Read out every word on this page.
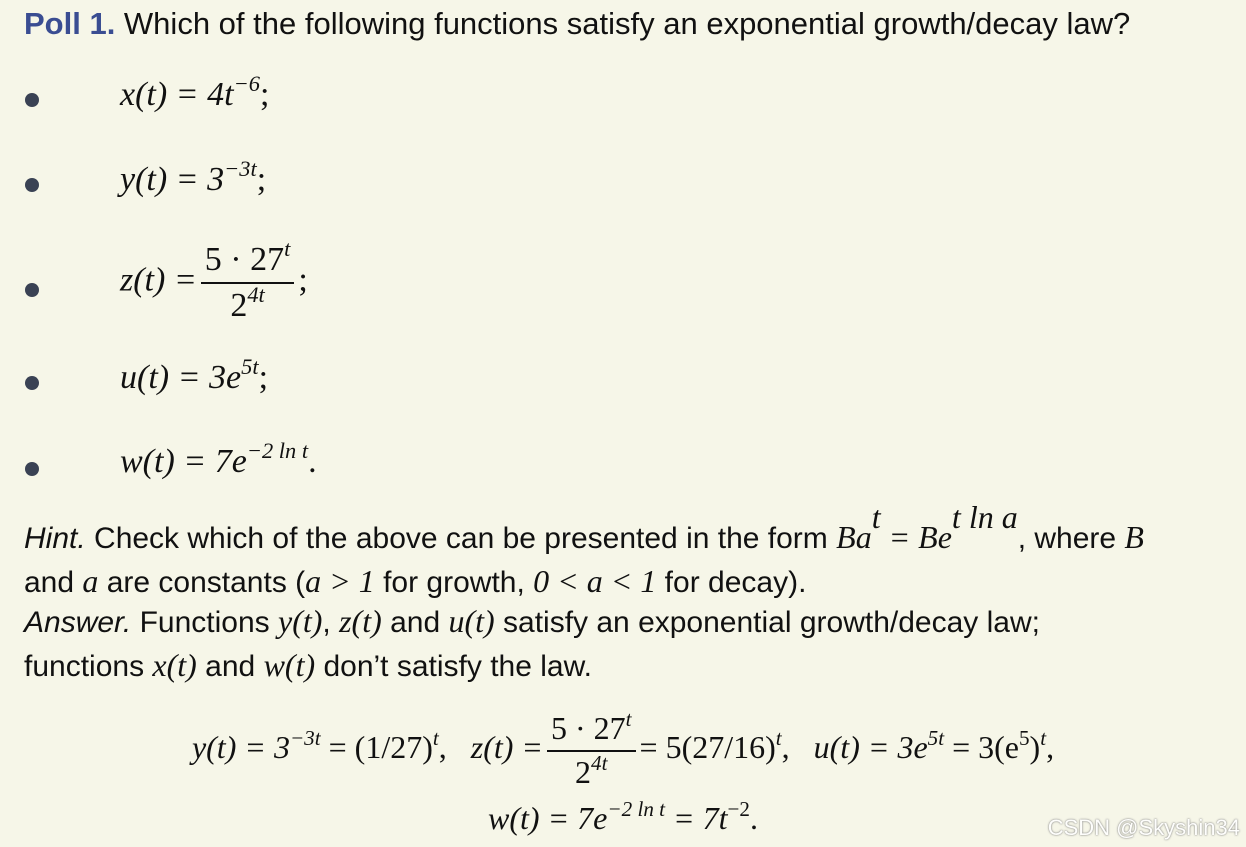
Poll 1. Which of the following functions satisfy an exponential growth/decay law?
$x(t) = 4t^{-6}$;
$y(t) = 3^{-3t}$;
$z(t) = \frac{5 \cdot 27^t}{2^{4t}}$ ;
$u(t) = 3e^{5t}$;
$w(t) = 7e^{-2 ln t}$.
Hint. Check which of the above can be presented in the form $Ba^t = Be^{t ln a}$, where B
and a are constants (a > 1 for growth, 0 < a < 1 for decay).
Answer. Functions y(t), z(t) and u(t) satisfy an exponential growth/decay law;
functions x(t) and w(t) don’t satisfy the law.
$y(t) = 3^{-3t} = (1/27)^t$, $z(t) = \frac{5 \cdot 27^t}{2^{4t}} = 5(27/16)^t$, $u(t) = 3e^{5t} = 3(e^5)^t$,
$w(t) = 7e^{-2 ln t} = 7t^{-2}$.	CSDN @Skyshin34
